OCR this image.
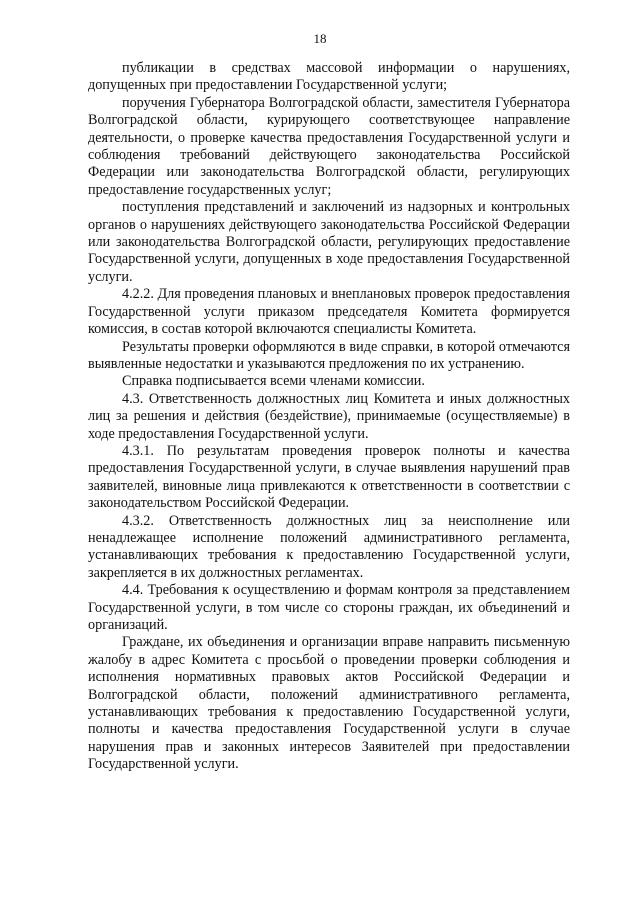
18

публикации в средствах массовой информации о нарушениях, допущенных при предоставлении Государственной услуги;

поручения Губернатора Волгоградской области, заместителя Губернатора Волгоградской области, курирующего соответствующее направление деятельности, о проверке качества предоставления Государственной услуги и соблюдения требований действующего законодательства Российской Федерации или законодательства Волгоградской области, регулирующих предоставление государственных услуг;

поступления представлений и заключений из надзорных и контрольных органов о нарушениях действующего законодательства Российской Федерации или законодательства Волгоградской области, регулирующих предоставление Государственной услуги, допущенных в ходе предоставления Государственной услуги.

4.2.2. Для проведения плановых и внеплановых проверок предоставления Государственной услуги приказом председателя Комитета формируется комиссия, в состав которой включаются специалисты Комитета.

Результаты проверки оформляются в виде справки, в которой отмечаются выявленные недостатки и указываются предложения по их устранению.

Справка подписывается всеми членами комиссии.

4.3. Ответственность должностных лиц Комитета и иных должностных лиц за решения и действия (бездействие), принимаемые (осуществляемые) в ходе предоставления Государственной услуги.

4.3.1. По результатам проведения проверок полноты и качества предоставления Государственной услуги, в случае выявления нарушений прав заявителей, виновные лица привлекаются к ответственности в соответствии с законодательством Российской Федерации.

4.3.2. Ответственность должностных лиц за неисполнение или ненадлежащее исполнение положений административного регламента, устанавливающих требования к предоставлению Государственной услуги, закрепляется в их должностных регламентах.

4.4. Требования к осуществлению и формам контроля за представлением Государственной услуги, в том числе со стороны граждан, их объединений и организаций.

Граждане, их объединения и организации вправе направить письменную жалобу в адрес Комитета с просьбой о проведении проверки соблюдения и исполнения нормативных правовых актов Российской Федерации и Волгоградской области, положений административного регламента, устанавливающих требования к предоставлению Государственной услуги, полноты и качества предоставления Государственной услуги в случае нарушения прав и законных интересов Заявителей при предоставлении Государственной услуги.
